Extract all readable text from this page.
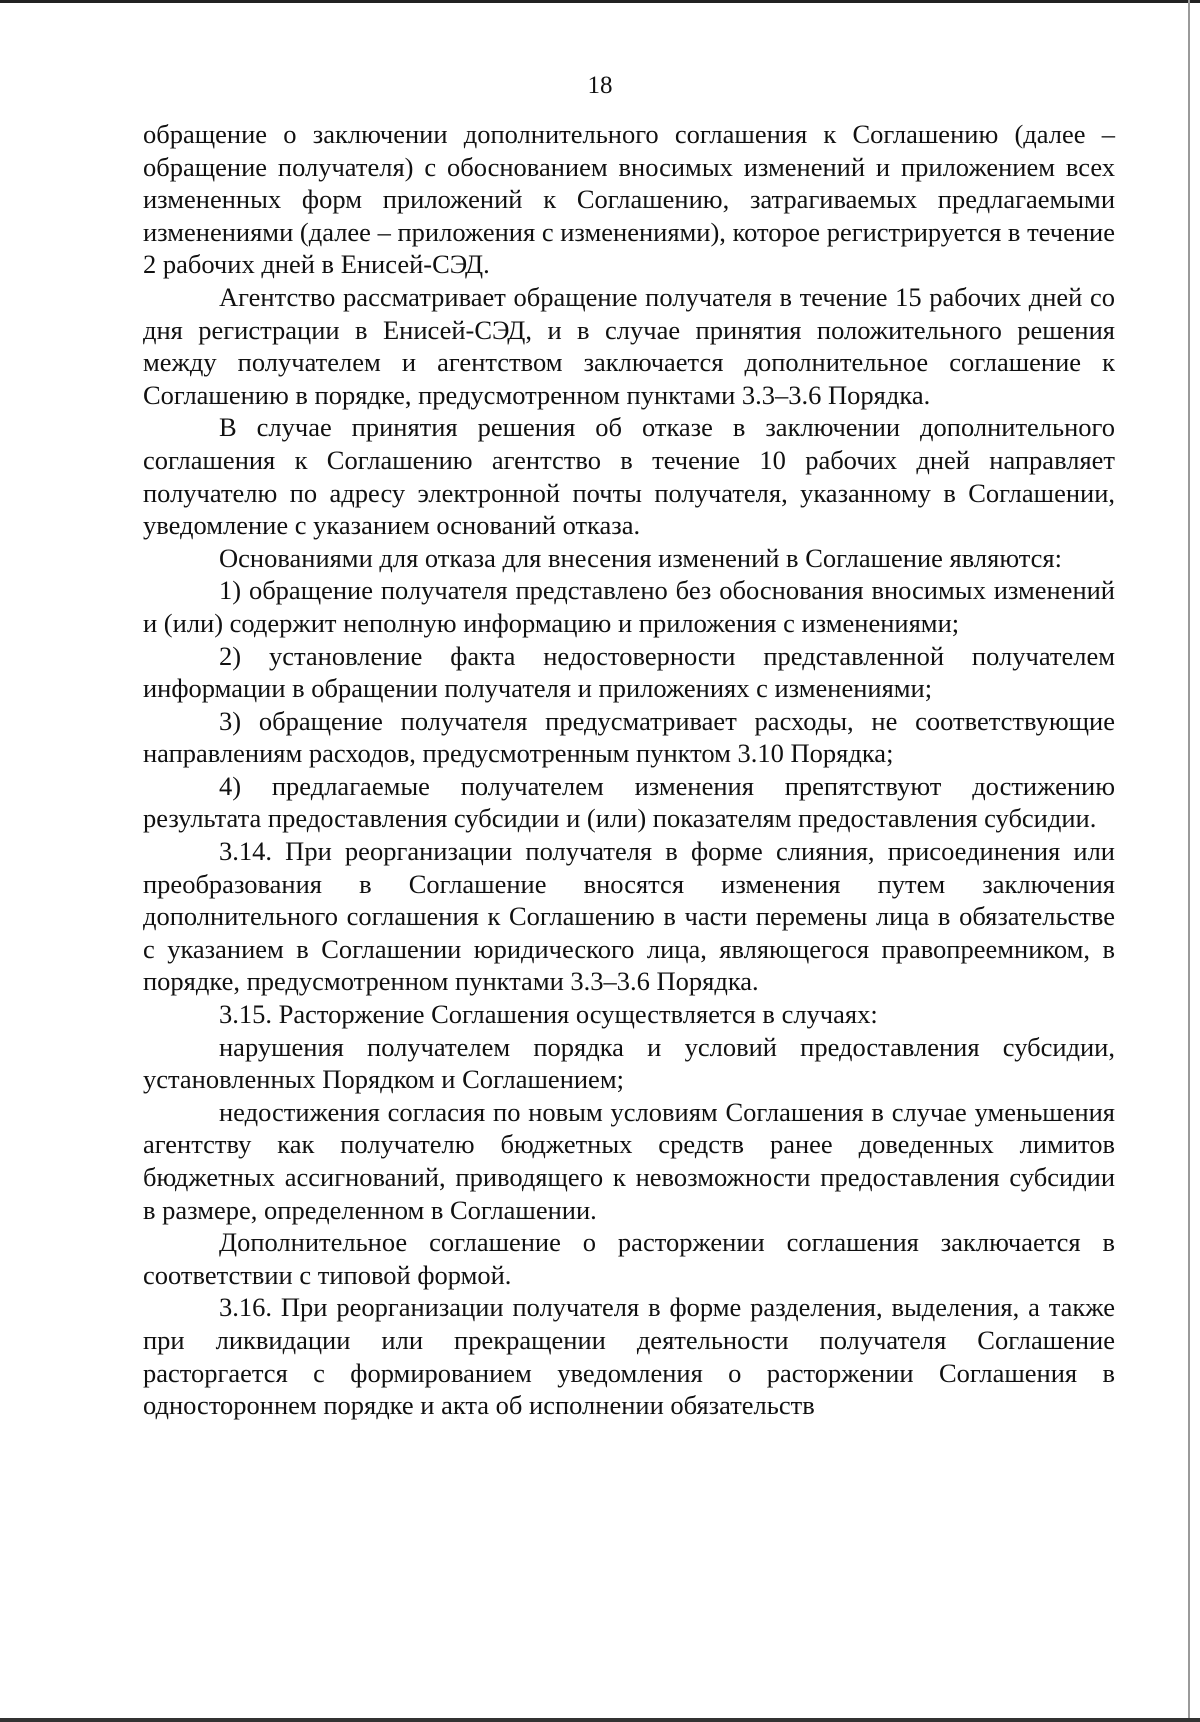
18

обращение о заключении дополнительного соглашения к Соглашению (далее – обращение получателя) с обоснованием вносимых изменений и приложением всех измененных форм приложений к Соглашению, затрагиваемых предлагаемыми изменениями (далее – приложения с изменениями), которое регистрируется в течение 2 рабочих дней в Енисей-СЭД.

Агентство рассматривает обращение получателя в течение 15 рабочих дней со дня регистрации в Енисей-СЭД, и в случае принятия положительного решения между получателем и агентством заключается дополнительное соглашение к Соглашению в порядке, предусмотренном пунктами 3.3–3.6 Порядка.

В случае принятия решения об отказе в заключении дополнительного соглашения к Соглашению агентство в течение 10 рабочих дней направляет получателю по адресу электронной почты получателя, указанному в Соглашении, уведомление с указанием оснований отказа.

Основаниями для отказа для внесения изменений в Соглашение являются:

1) обращение получателя представлено без обоснования вносимых изменений и (или) содержит неполную информацию и приложения с изменениями;

2) установление факта недостоверности представленной получателем информации в обращении получателя и приложениях с изменениями;

3) обращение получателя предусматривает расходы, не соответствующие направлениям расходов, предусмотренным пунктом 3.10 Порядка;

4) предлагаемые получателем изменения препятствуют достижению результата предоставления субсидии и (или) показателям предоставления субсидии.

3.14. При реорганизации получателя в форме слияния, присоединения или преобразования в Соглашение вносятся изменения путем заключения дополнительного соглашения к Соглашению в части перемены лица в обязательстве с указанием в Соглашении юридического лица, являющегося правопреемником, в порядке, предусмотренном пунктами 3.3–3.6 Порядка.

3.15. Расторжение Соглашения осуществляется в случаях:

нарушения получателем порядка и условий предоставления субсидии, установленных Порядком и Соглашением;

недостижения согласия по новым условиям Соглашения в случае уменьшения агентству как получателю бюджетных средств ранее доведенных лимитов бюджетных ассигнований, приводящего к невозможности предоставления субсидии в размере, определенном в Соглашении.

Дополнительное соглашение о расторжении соглашения заключается в соответствии с типовой формой.

3.16. При реорганизации получателя в форме разделения, выделения, а также при ликвидации или прекращении деятельности получателя Соглашение расторгается с формированием уведомления о расторжении Соглашения в одностороннем порядке и акта об исполнении обязательств
